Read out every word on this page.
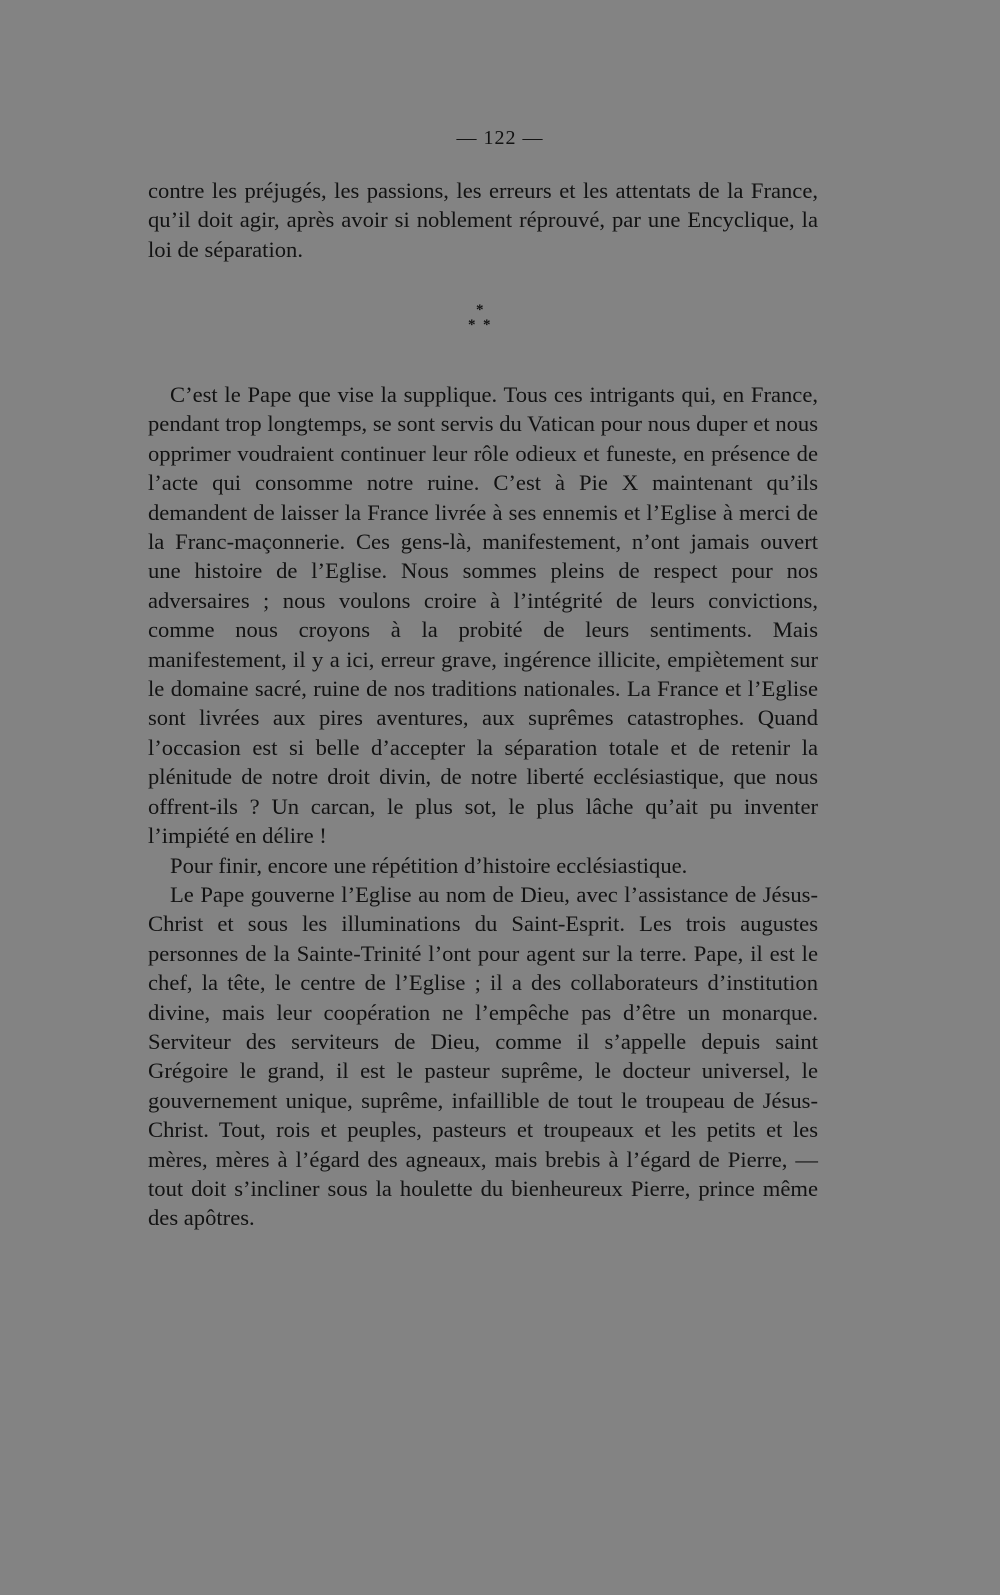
— 122 —

contre les préjugés, les passions, les erreurs et les attentats de la France, qu’il doit agir, après avoir si noblement réprouvé, par une Encyclique, la loi de séparation.

*
* *

C’est le Pape que vise la supplique. Tous ces intrigants qui, en France, pendant trop longtemps, se sont servis du Vatican pour nous duper et nous opprimer voudraient continuer leur rôle odieux et funeste, en présence de l’acte qui consomme notre ruine. C’est à Pie X maintenant qu’ils demandent de laisser la France livrée à ses ennemis et l’Eglise à merci de la Franc-maçonnerie. Ces gens-là, manifestement, n’ont jamais ouvert une histoire de l’Eglise. Nous sommes pleins de respect pour nos adversaires ; nous voulons croire à l’intégrité de leurs convictions, comme nous croyons à la probité de leurs sentiments. Mais manifestement, il y a ici, erreur grave, ingérence illicite, empiètement sur le domaine sacré, ruine de nos traditions nationales. La France et l’Eglise sont livrées aux pires aventures, aux suprêmes catastrophes. Quand l’occasion est si belle d’accepter la séparation totale et de retenir la plénitude de notre droit divin, de notre liberté ecclésiastique, que nous offrent-ils ? Un carcan, le plus sot, le plus lâche qu’ait pu inventer l’impiété en délire !

Pour finir, encore une répétition d’histoire ecclésiastique.

Le Pape gouverne l’Eglise au nom de Dieu, avec l’assistance de Jésus-Christ et sous les illuminations du Saint-Esprit. Les trois augustes personnes de la Sainte-Trinité l’ont pour agent sur la terre. Pape, il est le chef, la tête, le centre de l’Eglise ; il a des collaborateurs d’institution divine, mais leur coopération ne l’empêche pas d’être un monarque. Serviteur des serviteurs de Dieu, comme il s’appelle depuis saint Grégoire le grand, il est le pasteur suprême, le docteur universel, le gouvernement unique, suprême, infaillible de tout le troupeau de Jésus-Christ. Tout, rois et peuples, pasteurs et troupeaux et les petits et les mères, mères à l’égard des agneaux, mais brebis à l’égard de Pierre, — tout doit s’incliner sous la houlette du bienheureux Pierre, prince même des apôtres.
